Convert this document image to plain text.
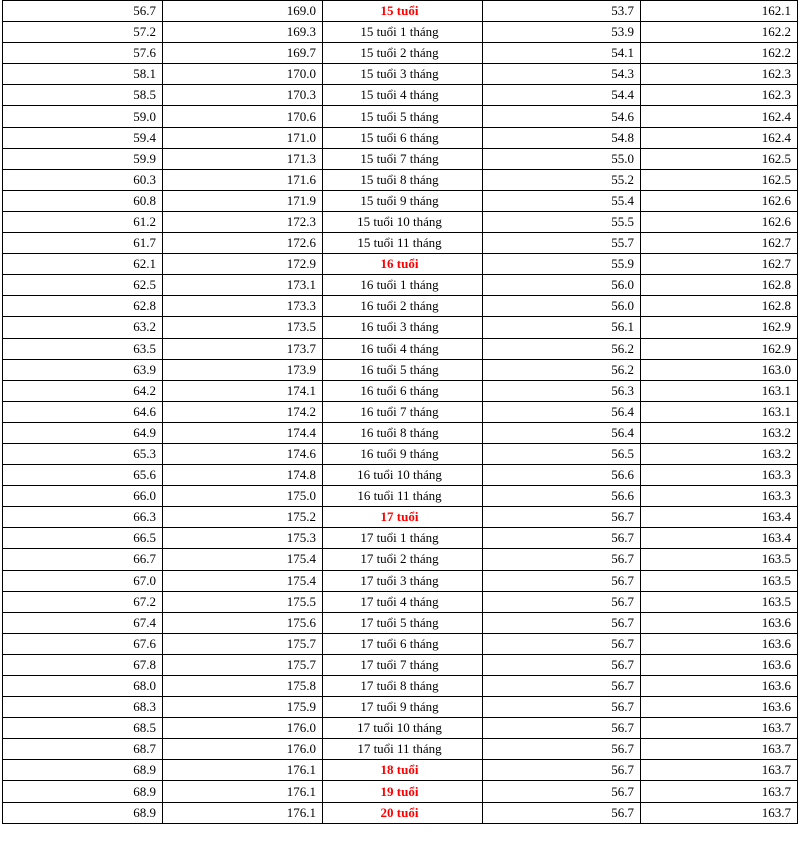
56.7	169.0	15 tuổi	53.7	162.1
57.2	169.3	15 tuổi 1 tháng	53.9	162.2
57.6	169.7	15 tuổi 2 tháng	54.1	162.2
58.1	170.0	15 tuổi 3 tháng	54.3	162.3
58.5	170.3	15 tuổi 4 tháng	54.4	162.3
59.0	170.6	15 tuổi 5 tháng	54.6	162.4
59.4	171.0	15 tuổi 6 tháng	54.8	162.4
59.9	171.3	15 tuổi 7 tháng	55.0	162.5
60.3	171.6	15 tuổi 8 tháng	55.2	162.5
60.8	171.9	15 tuổi 9 tháng	55.4	162.6
61.2	172.3	15 tuổi 10 tháng	55.5	162.6
61.7	172.6	15 tuổi 11 tháng	55.7	162.7
62.1	172.9	16 tuổi	55.9	162.7
62.5	173.1	16 tuổi 1 tháng	56.0	162.8
62.8	173.3	16 tuổi 2 tháng	56.0	162.8
63.2	173.5	16 tuổi 3 tháng	56.1	162.9
63.5	173.7	16 tuổi 4 tháng	56.2	162.9
63.9	173.9	16 tuổi 5 tháng	56.2	163.0
64.2	174.1	16 tuổi 6 tháng	56.3	163.1
64.6	174.2	16 tuổi 7 tháng	56.4	163.1
64.9	174.4	16 tuổi 8 tháng	56.4	163.2
65.3	174.6	16 tuổi 9 tháng	56.5	163.2
65.6	174.8	16 tuổi 10 tháng	56.6	163.3
66.0	175.0	16 tuổi 11 tháng	56.6	163.3
66.3	175.2	17 tuổi	56.7	163.4
66.5	175.3	17 tuổi 1 tháng	56.7	163.4
66.7	175.4	17 tuổi 2 tháng	56.7	163.5
67.0	175.4	17 tuổi 3 tháng	56.7	163.5
67.2	175.5	17 tuổi 4 tháng	56.7	163.5
67.4	175.6	17 tuổi 5 tháng	56.7	163.6
67.6	175.7	17 tuổi 6 tháng	56.7	163.6
67.8	175.7	17 tuổi 7 tháng	56.7	163.6
68.0	175.8	17 tuổi 8 tháng	56.7	163.6
68.3	175.9	17 tuổi 9 tháng	56.7	163.6
68.5	176.0	17 tuổi 10 tháng	56.7	163.7
68.7	176.0	17 tuổi 11 tháng	56.7	163.7
68.9	176.1	18 tuổi	56.7	163.7
68.9	176.1	19 tuổi	56.7	163.7
68.9	176.1	20 tuổi	56.7	163.7
